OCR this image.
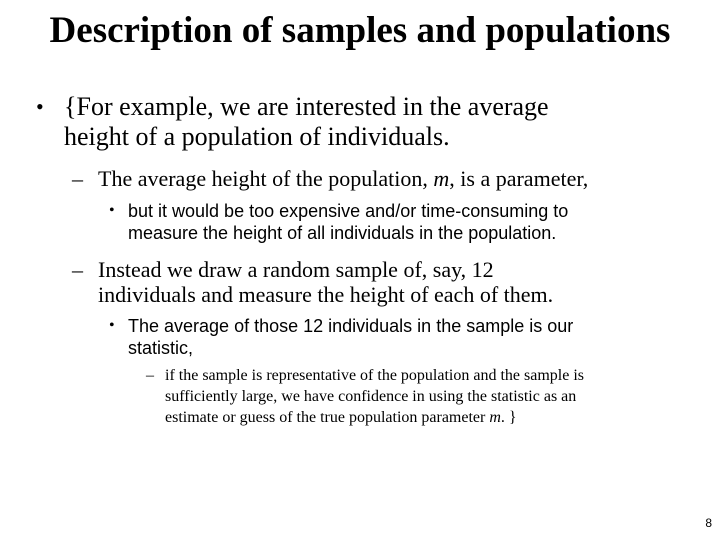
Description of samples and populations
• {For example, we are interested in the average
height of a population of individuals.
– The average height of the population, m, is a parameter,
• but it would be too expensive and/or time-consuming to
measure the height of all individuals in the population.
– Instead we draw a random sample of, say, 12
individuals and measure the height of each of them.
• The average of those 12 individuals in the sample is our
statistic,
– if the sample is representative of the population and the sample is
sufficiently large, we have confidence in using the statistic as an
estimate or guess of the true population parameter m. }
8
